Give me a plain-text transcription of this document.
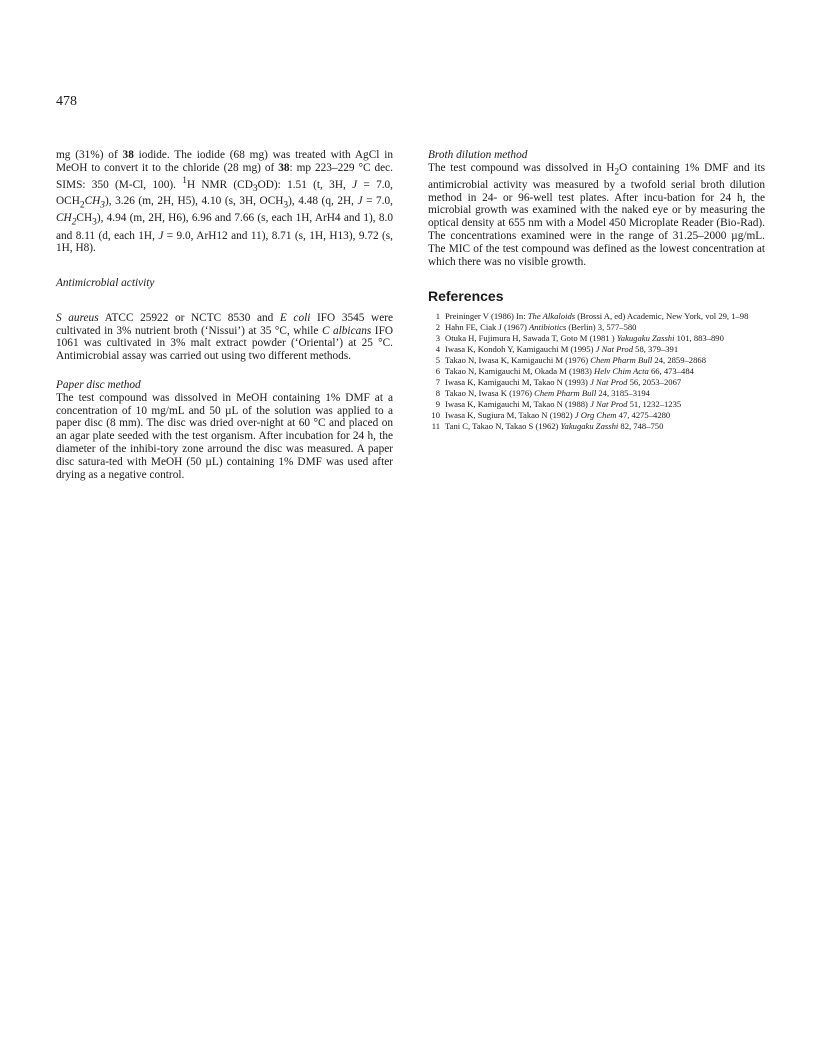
478

mg (31%) of 38 iodide. The iodide (68 mg) was treated with AgCl in MeOH to convert it to the chloride (28 mg) of 38: mp 223–229 °C dec. SIMS: 350 (M-Cl, 100). $^1$H NMR $(CD_3OD)$: 1.51 (t, 3H, J = 7.0, $OCH_2CH_3$), 3.26 (m, 2H, H5), 4.10 (s, 3H, $OCH_3$), 4.48 (q, 2H, J = 7.0, $CH_2CH_3$), 4.94 (m, 2H, H6), 6.96 and 7.66 (s, each 1H, ArH4 and 1), 8.0 and 8.11 (d, each 1H, J = 9.0, ArH12 and 11), 8.71 (s, 1H, H13), 9.72 (s, 1H, H8).

Antimicrobial activity

S aureus ATCC 25922 or NCTC 8530 and E coli IFO 3545 were cultivated in 3% nutrient broth (‘Nissui’) at 35 °C, while C albicans IFO 1061 was cultivated in 3% malt extract powder (‘Oriental’) at 25 °C. Antimicrobial assay was carried out using two different methods.

Paper disc method

The test compound was dissolved in MeOH containing 1% DMF at a concentration of 10 mg/mL and 50 µL of the solution was applied to a paper disc (8 mm). The disc was dried over-night at 60 °C and placed on an agar plate seeded with the test organism. After incubation for 24 h, the diameter of the inhibi-tory zone arround the disc was measured. A paper disc satura-ted with MeOH (50 µL) containing 1% DMF was used after drying as a negative control.

Broth dilution method

The test compound was dissolved in $H_2O$ containing 1% DMF and its antimicrobial activity was measured by a twofold serial broth dilution method in 24- or 96-well test plates. After incu-bation for 24 h, the microbial growth was examined with the naked eye or by measuring the optical density at 655 nm with a Model 450 Microplate Reader (Bio-Rad). The concentrations examined were in the range of 31.25–2000 µg/mL. The MIC of the test compound was defined as the lowest concentration at which there was no visible growth.

References

1 Preininger V (1986) In: The Alkaloids (Brossi A, ed) Academic, New York, vol 29, 1–98
2 Hahn FE, Ciak J (1967) Antibiotics (Berlin) 3, 577–580
3 Otuka H, Fujimura H, Sawada T, Goto M (1981 ) Yakugaku Zasshi 101, 883–890
4 Iwasa K, Kondoh Y, Kamigauchi M (1995) J Nat Prod 58, 379–391
5 Takao N, Iwasa K, Kamigauchi M (1976) Chem Pharm Bull 24, 2859–2868
6 Takao N, Kamigauchi M, Okada M (1983) Helv Chim Acta 66, 473–484
7 Iwasa K, Kamigauchi M, Takao N (1993) J Nat Prod 56, 2053–2067
8 Takao N, Iwasa K (1976) Chem Pharm Bull 24, 3185–3194
9 Iwasa K, Kamigauchi M, Takao N (1988) J Nat Prod 51, 1232–1235
10 Iwasa K, Sugiura M, Takao N (1982) J Org Chem 47, 4275–4280
11 Tani C, Takao N, Takao S (1962) Yakugaku Zasshi 82, 748–750
